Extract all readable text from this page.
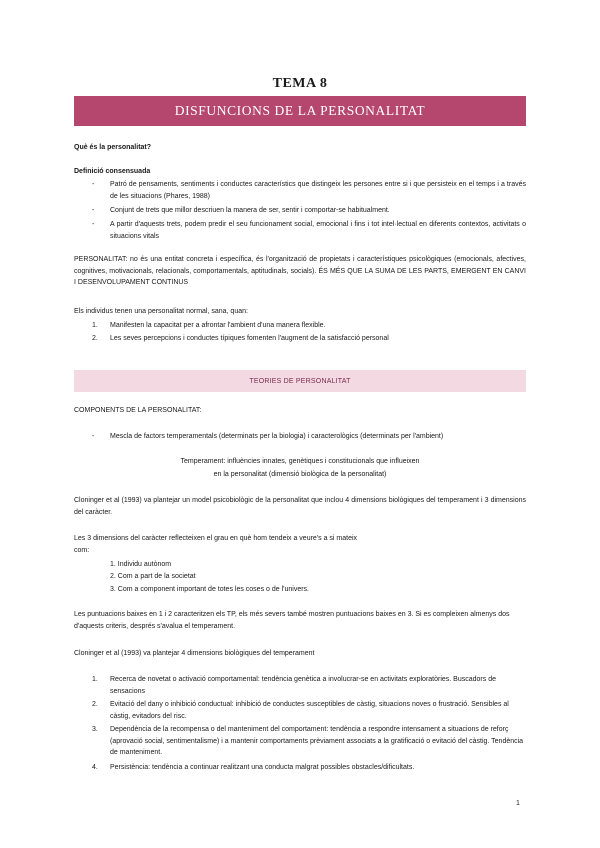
TEMA 8
DISFUNCIONS DE LA PERSONALITAT

Què és la personalitat?

Definició consensuada

- Patró de pensaments, sentiments i conductes característics que distingeix les persones entre si i que persisteix en el temps i a través de les situacions (Phares, 1988)

- Conjunt de trets que millor descriuen la manera de ser, sentir i comportar-se habitualment.

- A partir d'aquests trets, podem predir el seu funcionament social, emocional i fins i tot intel·lectual en diferents contextos, activitats o situacions vitals

PERSONALITAT: no és una entitat concreta i específica, és l'organització de propietats i característiques psicològiques (emocionals, afectives, cognitives, motivacionals, relacionals, comportamentals, aptitudinals, socials). ÉS MÉS QUE LA SUMA DE LES PARTS, EMERGENT EN CANVI I DESENVOLUPAMENT CONTINUS

Els individus tenen una personalitat normal, sana, quan:

1. Manifesten la capacitat per a afrontar l'ambient d'una manera flexible.

2. Les seves percepcions i conductes típiques fomenten l'augment de la satisfacció personal

TEORIES DE PERSONALITAT

COMPONENTS DE LA PERSONALITAT:

- Mescla de factors temperamentals (determinats per la biologia) i caracterològics (determinats per l'ambient)

Temperament: influències innates, genètiques i constitucionals que influeixen

en la personalitat (dimensió biològica de la personalitat)

Cloninger et al (1993) va plantejar un model psicobiològic de la personalitat que inclou 4 dimensions biològiques del temperament i 3 dimensions del caràcter.

Les 3 dimensions del caràcter reflecteixen el grau en què hom tendeix a veure's a si mateix

com:

1. Individu autònom

2. Com a part de la societat

3. Com a component important de totes les coses o de l'univers.

Les puntuacions baixes en 1 i 2 caracteritzen els TP, els més severs també mostren puntuacions baixes en 3. Si es compleixen almenys dos d'aquests criteris, després s'avalua el temperament.

Cloninger et al (1993) va plantejar 4 dimensions biològiques del temperament

1. Recerca de novetat o activació comportamental: tendència genètica a involucrar-se en activitats exploratòries. Buscadors de sensacions

2. Evitació del dany o inhibició conductual: inhibició de conductes susceptibles de càstig, situacions noves o frustració. Sensibles al càstig, evitadors del risc.

3. Dependència de la recompensa o del manteniment del comportament: tendència a respondre intensament a situacions de reforç (aprovació social, sentimentalisme) i a mantenir comportaments prèviament associats a la gratificació o evitació del càstig. Tendència de manteniment.

4. Persistència: tendència a continuar realitzant una conducta malgrat possibles obstacles/dificultats.

1
